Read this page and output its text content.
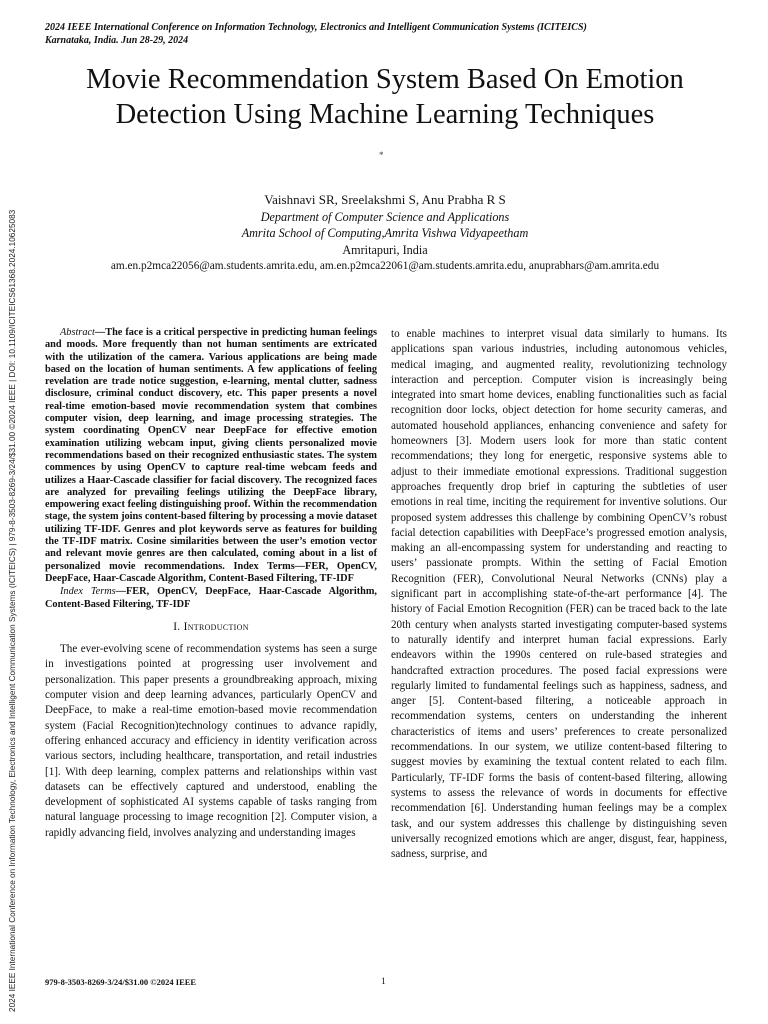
2024 IEEE International Conference on Information Technology, Electronics and Intelligent Communication Systems (ICITEICS) | 979-8-3503-8269-3/24/$31.00 ©2024 IEEE | DOI: 10.1109/ICITEICS61368.2024.10625083
2024 IEEE International Conference on Information Technology, Electronics and Intelligent Communication Systems (ICITEICS)
Karnataka, India. Jun 28-29, 2024
Movie Recommendation System Based On Emotion Detection Using Machine Learning Techniques
*
Vaishnavi SR, Sreelakshmi S, Anu Prabha R S
Department of Computer Science and Applications
Amrita School of Computing,Amrita Vishwa Vidyapeetham
Amritapuri, India
am.en.p2mca22056@am.students.amrita.edu, am.en.p2mca22061@am.students.amrita.edu, anuprabhars@am.amrita.edu

Abstract—The face is a critical perspective in predicting human feelings and moods. More frequently than not human sentiments are extricated with the utilization of the camera. Various applications are being made based on the location of human sentiments. A few applications of feeling revelation are trade notice suggestion, e-learning, mental clutter, sadness disclosure, criminal conduct discovery, etc. This paper presents a novel real-time emotion-based movie recommendation system that combines computer vision, deep learning, and image processing strategies. The system coordinating OpenCV near DeepFace for effective emotion examination utilizing webcam input, giving clients personalized movie recommendations based on their recognized enthusiastic states. The system commences by using OpenCV to capture real-time webcam feeds and utilizes a Haar-Cascade classifier for facial discovery. The recognized faces are analyzed for prevailing feelings utilizing the DeepFace library, empowering exact feeling distinguishing proof. Within the recommendation stage, the system joins content-based filtering by processing a movie dataset utilizing TF-IDF. Genres and plot keywords serve as features for building the TF-IDF matrix. Cosine similarities between the user’s emotion vector and relevant movie genres are then calculated, coming about in a list of personalized movie recommendations. Index Terms—FER, OpenCV, DeepFace, Haar-Cascade Algorithm, Content-Based Filtering, TF-IDF

Index Terms—FER, OpenCV, DeepFace, Haar-Cascade Algorithm, Content-Based Filtering, TF-IDF

I. Introduction

The ever-evolving scene of recommendation systems has seen a surge in investigations pointed at progressing user involvement and personalization. This paper presents a groundbreaking approach, mixing computer vision and deep learning advances, particularly OpenCV and DeepFace, to make a real-time emotion-based movie recommendation system (Facial Recognition)technology continues to advance rapidly, offering enhanced accuracy and efficiency in identity verification across various sectors, including healthcare, transportation, and retail industries [1]. With deep learning, complex patterns and relationships within vast datasets can be effectively captured and understood, enabling the development of sophisticated AI systems capable of tasks ranging from natural language processing to image recognition [2]. Computer vision, a rapidly advancing field, involves analyzing and understanding images

to enable machines to interpret visual data similarly to humans. Its applications span various industries, including autonomous vehicles, medical imaging, and augmented reality, revolutionizing technology interaction and perception. Computer vision is increasingly being integrated into smart home devices, enabling functionalities such as facial recognition door locks, object detection for home security cameras, and automated household appliances, enhancing convenience and safety for homeowners [3]. Modern users look for more than static content recommendations; they long for energetic, responsive systems able to adjust to their immediate emotional expressions. Traditional suggestion approaches frequently drop brief in capturing the subtleties of user emotions in real time, inciting the requirement for inventive solutions. Our proposed system addresses this challenge by combining OpenCV’s robust facial detection capabilities with DeepFace’s progressed emotion analysis, making an all-encompassing system for understanding and reacting to users’ passionate prompts. Within the setting of Facial Emotion Recognition (FER), Convolutional Neural Networks (CNNs) play a significant part in accomplishing state-of-the-art performance [4]. The history of Facial Emotion Recognition (FER) can be traced back to the late 20th century when analysts started investigating computer-based systems to naturally identify and interpret human facial expressions. Early endeavors within the 1990s centered on rule-based strategies and handcrafted extraction procedures. The posed facial expressions were regularly limited to fundamental feelings such as happiness, sadness, and anger [5]. Content-based filtering, a noticeable approach in recommendation systems, centers on understanding the inherent characteristics of items and users’ preferences to create personalized recommendations. In our system, we utilize content-based filtering to suggest movies by examining the textual content related to each film. Particularly, TF-IDF forms the basis of content-based filtering, allowing systems to assess the relevance of words in documents for effective recommendation [6]. Understanding human feelings may be a complex task, and our system addresses this challenge by distinguishing seven universally recognized emotions which are anger, disgust, fear, happiness, sadness, surprise, and

979-8-3503-8269-3/24/$31.00 ©2024 IEEE	1
